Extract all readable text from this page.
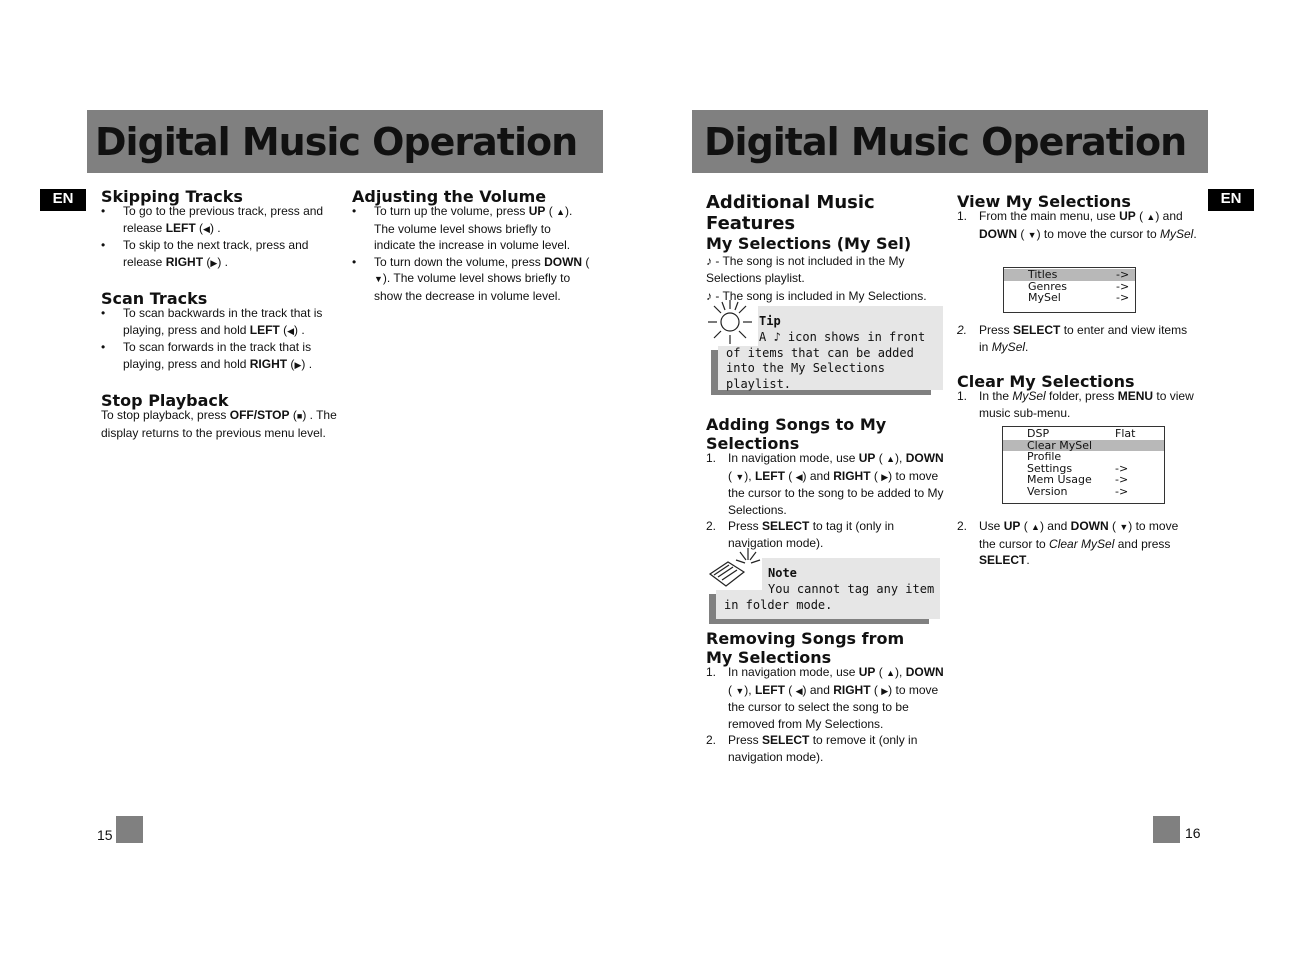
Digital Music Operation
EN	Skipping Tracks
• To go to the previous track, press and release LEFT (◀) .
• To skip to the next track, press and release RIGHT (▶) .
Scan Tracks
• To scan backwards in the track that is playing, press and hold LEFT (◀) .
• To scan forwards in the track that is playing, press and hold RIGHT (▶) .
Stop Playback
To stop playback, press OFF/STOP (■) . The display returns to the previous menu level.
Adjusting the Volume
• To turn up the volume, press UP ( ▲). The volume level shows briefly to indicate the increase in volume level.
• To turn down the volume, press DOWN ( ▼). The volume level shows briefly to show the decrease in volume level.
15
Digital Music Operation
EN
Additional Music Features
My Selections (My Sel)
♪ - The song is not included in the My Selections playlist.
♪ - The song is included in My Selections.
Tip
A ♪ icon shows in front of items that can be added into the My Selections playlist.
Adding Songs to My Selections
1. In navigation mode, use UP ( ▲), DOWN ( ▼), LEFT ( ◀) and RIGHT ( ▶) to move the cursor to the song to be added to My Selections.
2. Press SELECT to tag it (only in navigation mode).
Note
You cannot tag any item in folder mode.
Removing Songs from My Selections
1. In navigation mode, use UP ( ▲), DOWN ( ▼), LEFT ( ◀) and RIGHT ( ▶) to move the cursor to select the song to be removed from My Selections.
2. Press SELECT to remove it (only in navigation mode).
View My Selections
1. From the main menu, use UP ( ▲) and DOWN ( ▼) to move the cursor to MySel.
Titles	->
Genres	->
MySel	->
2. Press SELECT to enter and view items in MySel.
Clear My Selections
1. In the MySel folder, press MENU to view music sub-menu.
DSP	Flat
Clear MySel
Profile
Settings	->
Mem Usage ->
Version	->
2. Use UP ( ▲) and DOWN ( ▼) to move the cursor to Clear MySel and press SELECT.
16
